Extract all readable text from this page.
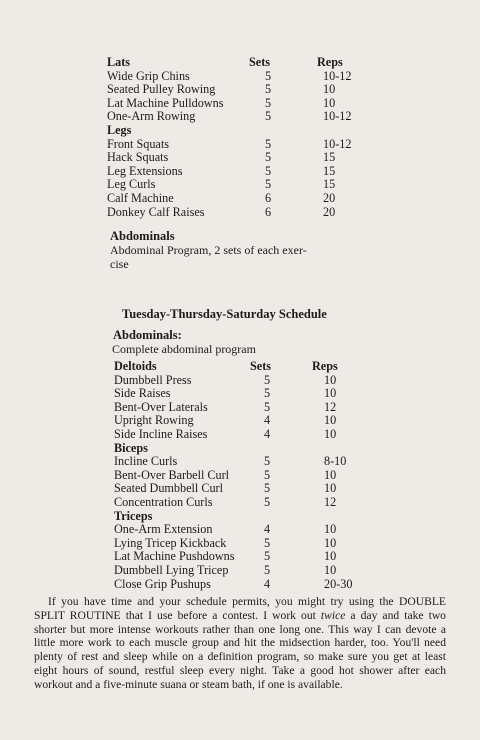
Lats	Sets	Reps
Wide Grip Chins	5	10-12
Seated Pulley Rowing	5	10
Lat Machine Pulldowns	5	10
One-Arm Rowing	5	10-12
Legs
Front Squats	5	10-12
Hack Squats	5	15
Leg Extensions	5	15
Leg Curls	5	15
Calf Machine	6	20
Donkey Calf Raises	6	20
Abdominals
Abdominal Program, 2 sets of each exer-
cise
Tuesday-Thursday-Saturday Schedule
Abdominals:
Complete abdominal program
Deltoids	Sets	Reps
Dumbbell Press	5	10
Side Raises	5	10
Bent-Over Laterals	5	12
Upright Rowing	4	10
Side Incline Raises	4	10
Biceps
Incline Curls	5	8-10
Bent-Over Barbell Curl	5	10
Seated Dumbbell Curl	5	10
Concentration Curls	5	12
Triceps
One-Arm Extension	4	10
Lying Tricep Kickback	5	10
Lat Machine Pushdowns 5	10
Dumbbell Lying Tricep	5	10
Close Grip Pushups	4	20-30

If you have time and your schedule permits, you might try using the DOUBLE SPLIT ROUTINE that I use before a contest. I work out twice a day and take two shorter but more intense workouts rather than one long one. This way I can devote a little more work to each muscle group and hit the midsection harder, too. You'll need plenty of rest and sleep while on a definition program, so make sure you get at least eight hours of sound, restful sleep every night. Take a good hot shower after each workout and a five-minute suana or steam bath, if one is available.
